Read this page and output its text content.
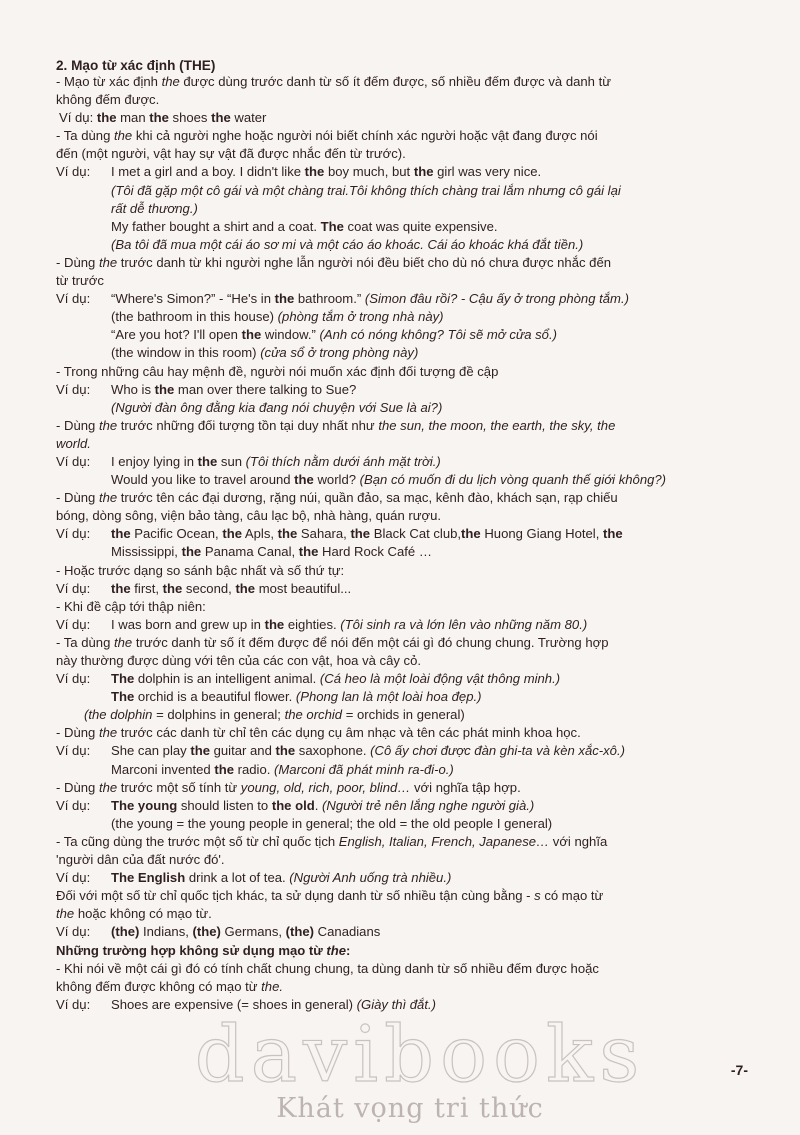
2. Mạo từ xác định (THE)
- Mạo từ xác định the được dùng trước danh từ số ít đếm được, số nhiều đếm được và danh từ
không đếm được.
Ví dụ: the man the shoes the water
- Ta dùng the khi cả người nghe hoặc người nói biết chính xác người hoặc vật đang được nói
đến (một người, vật hay sự vật đã được nhắc đến từ trước).
Ví dụ: I met a girl and a boy. I didn't like the boy much, but the girl was very nice.
(Tôi đã gặp một cô gái và một chàng trai.Tôi không thích chàng trai lắm nhưng cô gái lại
rất dễ thương.)
My father bought a shirt and a coat. The coat was quite expensive.
(Ba tôi đã mua một cái áo sơ mi và một cáo áo khoác. Cái áo khoác khá đắt tiền.)
- Dùng the trước danh từ khi người nghe lẫn người nói đều biết cho dù nó chưa được nhắc đến
từ trước
Ví dụ: “Where's Simon?” - “He's in the bathroom.” (Simon đâu rồi? - Cậu ấy ở trong phòng tắm.)
(the bathroom in this house) (phòng tắm ở trong nhà này)
“Are you hot? I'll open the window.” (Anh có nóng không? Tôi sẽ mở cửa sổ.)
(the window in this room) (cửa sổ ở trong phòng này)
- Trong những câu hay mệnh đề, người nói muốn xác định đối tượng đề cập
Ví dụ: Who is the man over there talking to Sue?
(Người đàn ông đằng kia đang nói chuyện với Sue là ai?)
- Dùng the trước những đối tượng tồn tại duy nhất như the sun, the moon, the earth, the sky, the
world.
Ví dụ: I enjoy lying in the sun (Tôi thích nằm dưới ánh mặt trời.)
Would you like to travel around the world? (Bạn có muốn đi du lịch vòng quanh thế giới không?)
- Dùng the trước tên các đại dương, rặng núi, quần đảo, sa mạc, kênh đào, khách sạn, rạp chiếu
bóng, dòng sông, viện bảo tàng, câu lạc bộ, nhà hàng, quán rượu.
Ví dụ: the Pacific Ocean, the Apls, the Sahara, the Black Cat club,the Huong Giang Hotel, the
Mississippi, the Panama Canal, the Hard Rock Café …
- Hoặc trước dạng so sánh bậc nhất và số thứ tự:
Ví dụ: the first, the second, the most beautiful...
- Khi đề cập tới thập niên:
Ví dụ: I was born and grew up in the eighties. (Tôi sinh ra và lớn lên vào những năm 80.)
- Ta dùng the trước danh từ số ít đếm được để nói đến một cái gì đó chung chung. Trường hợp
này thường được dùng với tên của các con vật, hoa và cây cỏ.
Ví dụ: The dolphin is an intelligent animal. (Cá heo là một loài động vật thông minh.)
The orchid is a beautiful flower. (Phong lan là một loài hoa đẹp.)
(the dolphin = dolphins in general; the orchid = orchids in general)
- Dùng the trước các danh từ chỉ tên các dụng cụ âm nhạc và tên các phát minh khoa học.
Ví dụ: She can play the guitar and the saxophone. (Cô ấy chơi được đàn ghi-ta và kèn xắc-xô.)
Marconi invented the radio. (Marconi đã phát minh ra-đi-o.)
- Dùng the trước một số tính từ young, old, rich, poor, blind… với nghĩa tập hợp.
Ví dụ: The young should listen to the old. (Người trẻ nên lắng nghe người già.)
(the young = the young people in general; the old = the old people I general)
- Ta cũng dùng the trước một số từ chỉ quốc tịch English, Italian, French, Japanese… với nghĩa
'người dân của đất nước đó'.
Ví dụ: The English drink a lot of tea. (Người Anh uống trà nhiều.)
Đối với một số từ chỉ quốc tịch khác, ta sử dụng danh từ số nhiều tận cùng bằng - s có mạo từ
the hoặc không có mạo từ.
Ví dụ: (the) Indians, (the) Germans, (the) Canadians
Những trường hợp không sử dụng mạo từ the:
- Khi nói về một cái gì đó có tính chất chung chung, ta dùng danh từ số nhiều đếm được hoặc
không đếm được không có mạo từ the.
Ví dụ: Shoes are expensive (= shoes in general) (Giày thì đắt.)
-7-
davibooks
Khát vọng tri thức
